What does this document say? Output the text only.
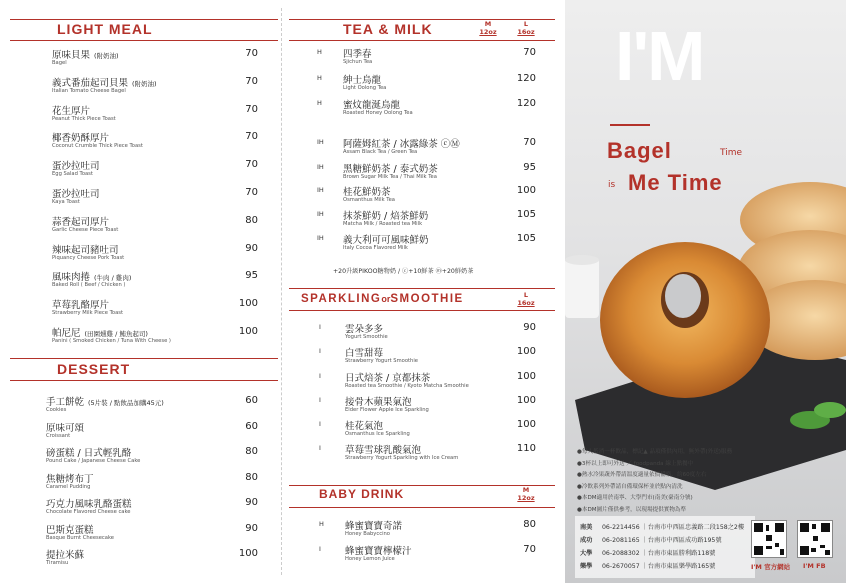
LIGHT MEAL
原味貝果 (附奶油)
Bagel
70
義式番茄起司貝果 (附奶油)
Italian Tomato Cheese Bagel
70
花生厚片
Peanut Thick Piece Toast
70
椰香奶酥厚片
Coconut Crumble Thick Piece Toast
70
蛋沙拉吐司
Egg Salad Toast
70
蛋沙拉吐司
Kaya Toast
70
蒜香起司厚片
Garlic Cheese Piece Toast
80
辣味起司豬吐司
Piquancy Cheese Pork Toast
90
風味肉捲 (牛肉 / 雞肉)
Baked Roll ( Beef / Chicken )
95
草莓乳酪厚片
Strawberry Milk Piece Toast
100
帕尼尼 (田園燻雞 / 鮪魚起司)
Panini ( Smoked Chicken / Tuna With Cheese )
100
DESSERT
手工餅乾 (5片裝 / 點飲品加購45元)
Cookies
60
原味可頌
Croissant
60
磅蛋糕 / 日式輕乳酪
Pound Cake / Japanese Cheese Cake
80
焦糖烤布丁
Caramel Pudding
80
巧克力風味乳酪蛋糕
Chocolate Flavored Cheese cake
90
巴斯克蛋糕
Basque Burnt Cheesecake
90
提拉米蘇
Tiramisu
100
TEA & MILK	M
12oz
L
16oz
H 四季春
Sjichun Tea
70
H 紳士烏龍
Light Oolong Tea
120
H 蜜炆龍涎烏龍
Roasted Honey Oolong Tea
120
IH 阿薩姆紅茶 / 冰露綠茶 ⓒⓂ
Assam Black Tea / Green Tea
70
IH 黑糖鮮奶茶 / 泰式奶茶
Brown Sugar Milk Tea / Thai Milk Tea
95
IH 桂花鮮奶茶
Osmanthus Milk Tea
100
IH 抹茶鮮奶 / 焙茶鮮奶
Matcha Milk / Roasted tea Milk
105
IH 義大利可可風味鮮奶
Italy Cocoa Flavored Milk
105
+20升級PIKOO糖物奶 / ⓒ+10鮮茶 ⓜ+20鮮奶茶
SPARKLINGorSMOOTHIE	L
16oz
I	雲朵多多
Yogurt Smoothie
90
I	白雪甜莓
Strawberry Yogurt Smoothie
100
I	日式焙茶 / 京都抹茶
Roasted tea Smoothie / Kyoto Matcha Smoothie
100
I	接骨木蘋果氣泡
Elder Flower Apple Ice Sparkling
100
I	桂花氣泡
Osmanthus Ice Sparkling
100
I	草莓雪球乳酸氣泡
Strawberry Yogurt Sparkling with Ice Cream
110
BABY DRINK	M
12oz
H 蜂蜜寶寶奇諾
Honey Babyccino
80
I	蜂蜜寶寶檸檬汁
Honey Lemon Juice
70
I'M
Bagel	Time
is Me Time
●每人低消一杯飲品，標記▲ 品項僅供內用，無外帶(外送)服務
●3杯以上即可外送 ／ foodpanda 線上點餐中
●熱水冷果蔬外帶請溫度適量依價備格，約60度左右
●冷飲系列外帶請自備環保杯並於點內清洗
●本DM適用於南寧、大學門市(南美(臺南分號)
●本DM圖片僅供參考，以現場提供實物為準
南美 06-2214456 ｜台南市中西區忠義路二段158之2樓
成功 06-2081165 ｜台南市中西區成功路195號
大學 06-2088302 ｜台南市東區勝利路118號
樂學 06-2670057 ｜台南市東區樂學路165號	I'M 官方網站 I'M FB
